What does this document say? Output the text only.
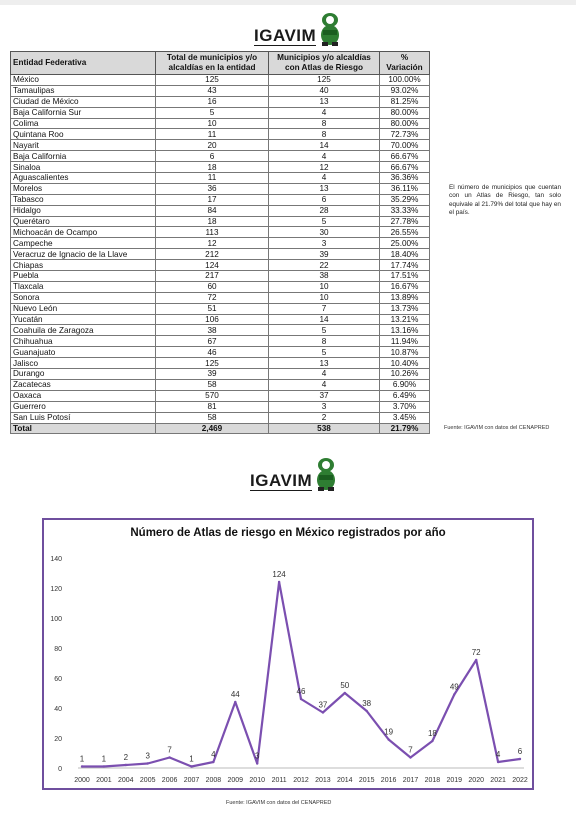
IGAVIM
Entidad Federativa	Total de municipios y/o alcaldías en la entidad	Municipios y/o alcaldías con Atlas de Riesgo	% Variación
México	125	125	100.00%
Tamaulipas	43	40	93.02%
Ciudad de México	16	13	81.25%
Baja California Sur	5	4	80.00%
Colima	10	8	80.00%
Quintana Roo	11	8	72.73%
Nayarit	20	14	70.00%
Baja California	6	4	66.67%
Sinaloa	18	12	66.67%
Aguascalientes	11	4	36.36%
Morelos	36	13	36.11%
Tabasco	17	6	35.29%
Hidalgo	84	28	33.33%
Querétaro	18	5	27.78%
Michoacán de Ocampo	113	30	26.55%
Campeche	12	3	25.00%
Veracruz de Ignacio de la Llave	212	39	18.40%
Chiapas	124	22	17.74%
Puebla	217	38	17.51%
Tlaxcala	60	10	16.67%
Sonora	72	10	13.89%
Nuevo León	51	7	13.73%
Yucatán	106	14	13.21%
Coahuila de Zaragoza	38	5	13.16%
Chihuahua	67	8	11.94%
Guanajuato	46	5	10.87%
Jalisco	125	13	10.40%
Durango	39	4	10.26%
Zacatecas	58	4	6.90%
Oaxaca	570	37	6.49%
Guerrero	81	3	3.70%
San Luis Potosí	58	2	3.45%
Total	2,469	538	21.79%
El número de municipios que cuentan con un Atlas de Riesgo, tan solo equivale al 21.79% del total que hay en el país.
Fuente: IGAVIM con datos del CENAPRED
IGAVIM
Número de Atlas de riesgo en México registrados por año
0
20
40
60
80
100
120
140
2000 2001 2004 2005 2006 2007 2008 2009 2010 2011 2012 2013 2014 2015 2016 2017 2018 2019 2020 2021 2022
1 1 2 3
7
1 4
44
3
124
46
37
50
38
19
7
18
49
72
4 6
Fuente: IGAVIM con datos del CENAPRED
